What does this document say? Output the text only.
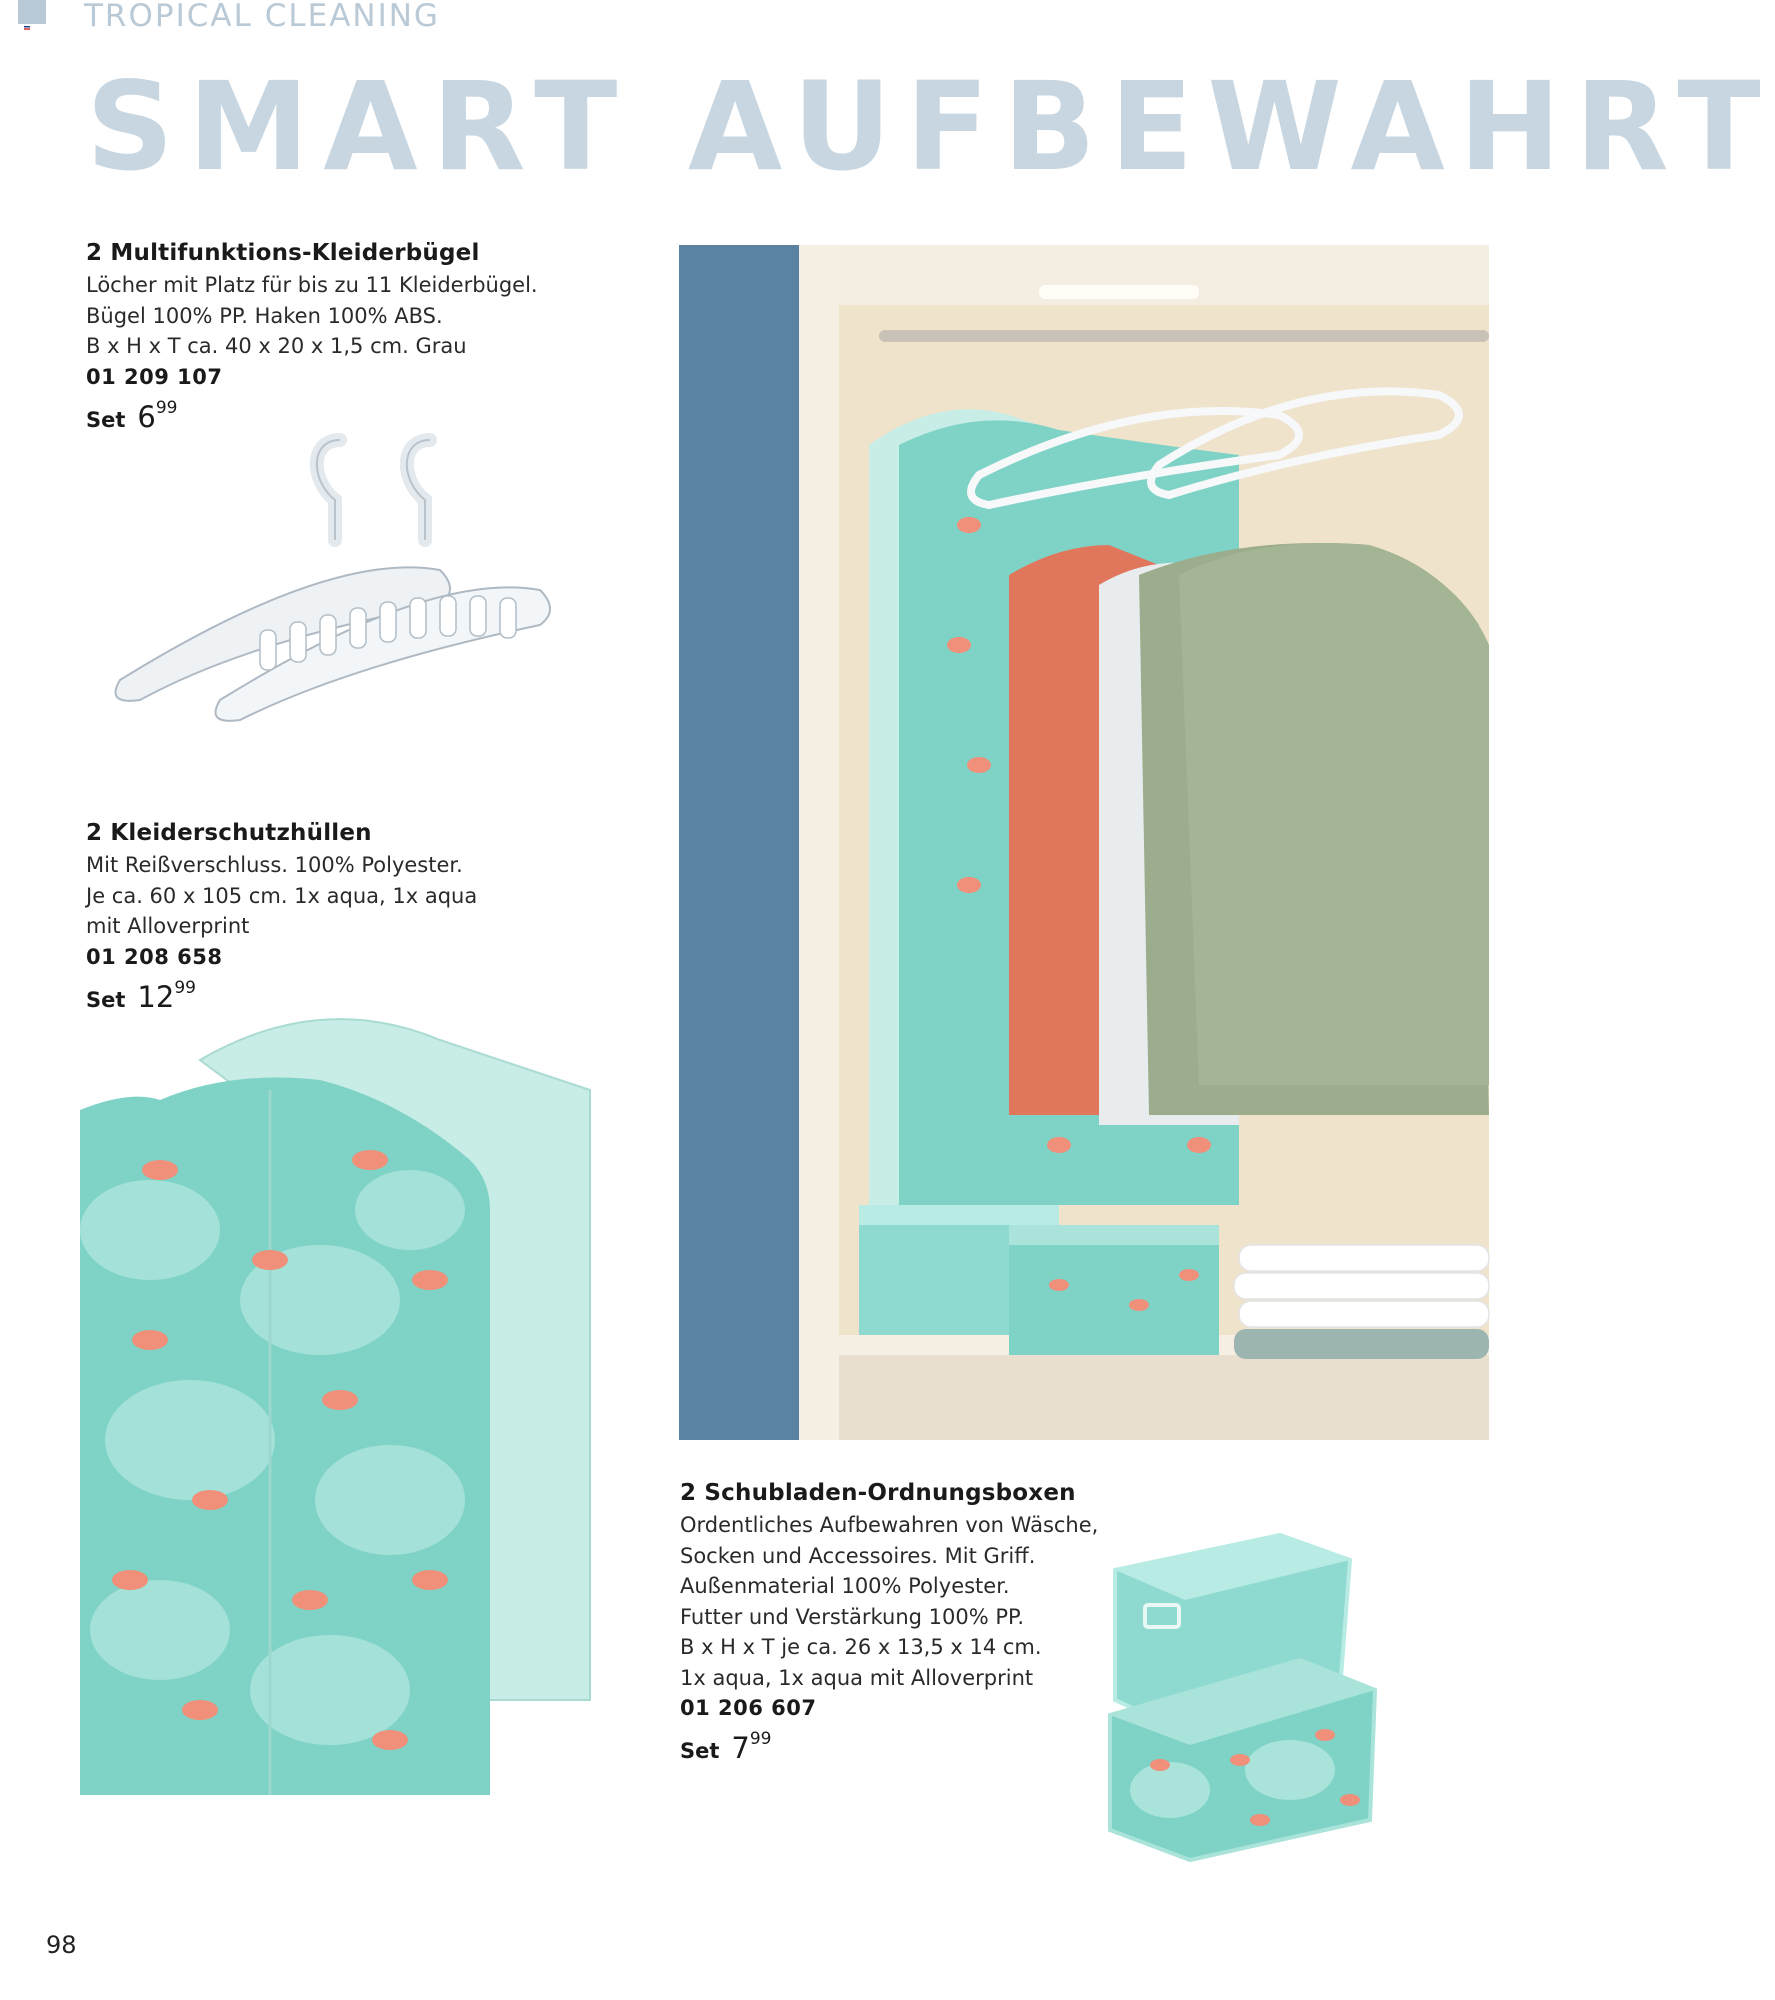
TROPICAL CLEANING
SMART AUFBEWAHRT
2 Multifunktions-Kleiderbügel
Löcher mit Platz für bis zu 11 Kleiderbügel.
Bügel 100% PP. Haken 100% ABS.
B x H x T ca. 40 x 20 x 1,5 cm. Grau
01 209 107
Set 6 99
2 Kleiderschutzhüllen
Mit Reißverschluss. 100% Polyester.
Je ca. 60 x 105 cm. 1x aqua, 1x aqua
mit Alloverprint
01 208 658
Set 12 99
2 Schubladen-Ordnungsboxen
Ordentliches Aufbewahren von Wäsche,
Socken und Accessoires. Mit Griff.
Außenmaterial 100% Polyester.
Futter und Verstärkung 100% PP.
B x H x T je ca. 26 x 13,5 x 14 cm.
1x aqua, 1x aqua mit Alloverprint
01 206 607
Set 7 99
98
